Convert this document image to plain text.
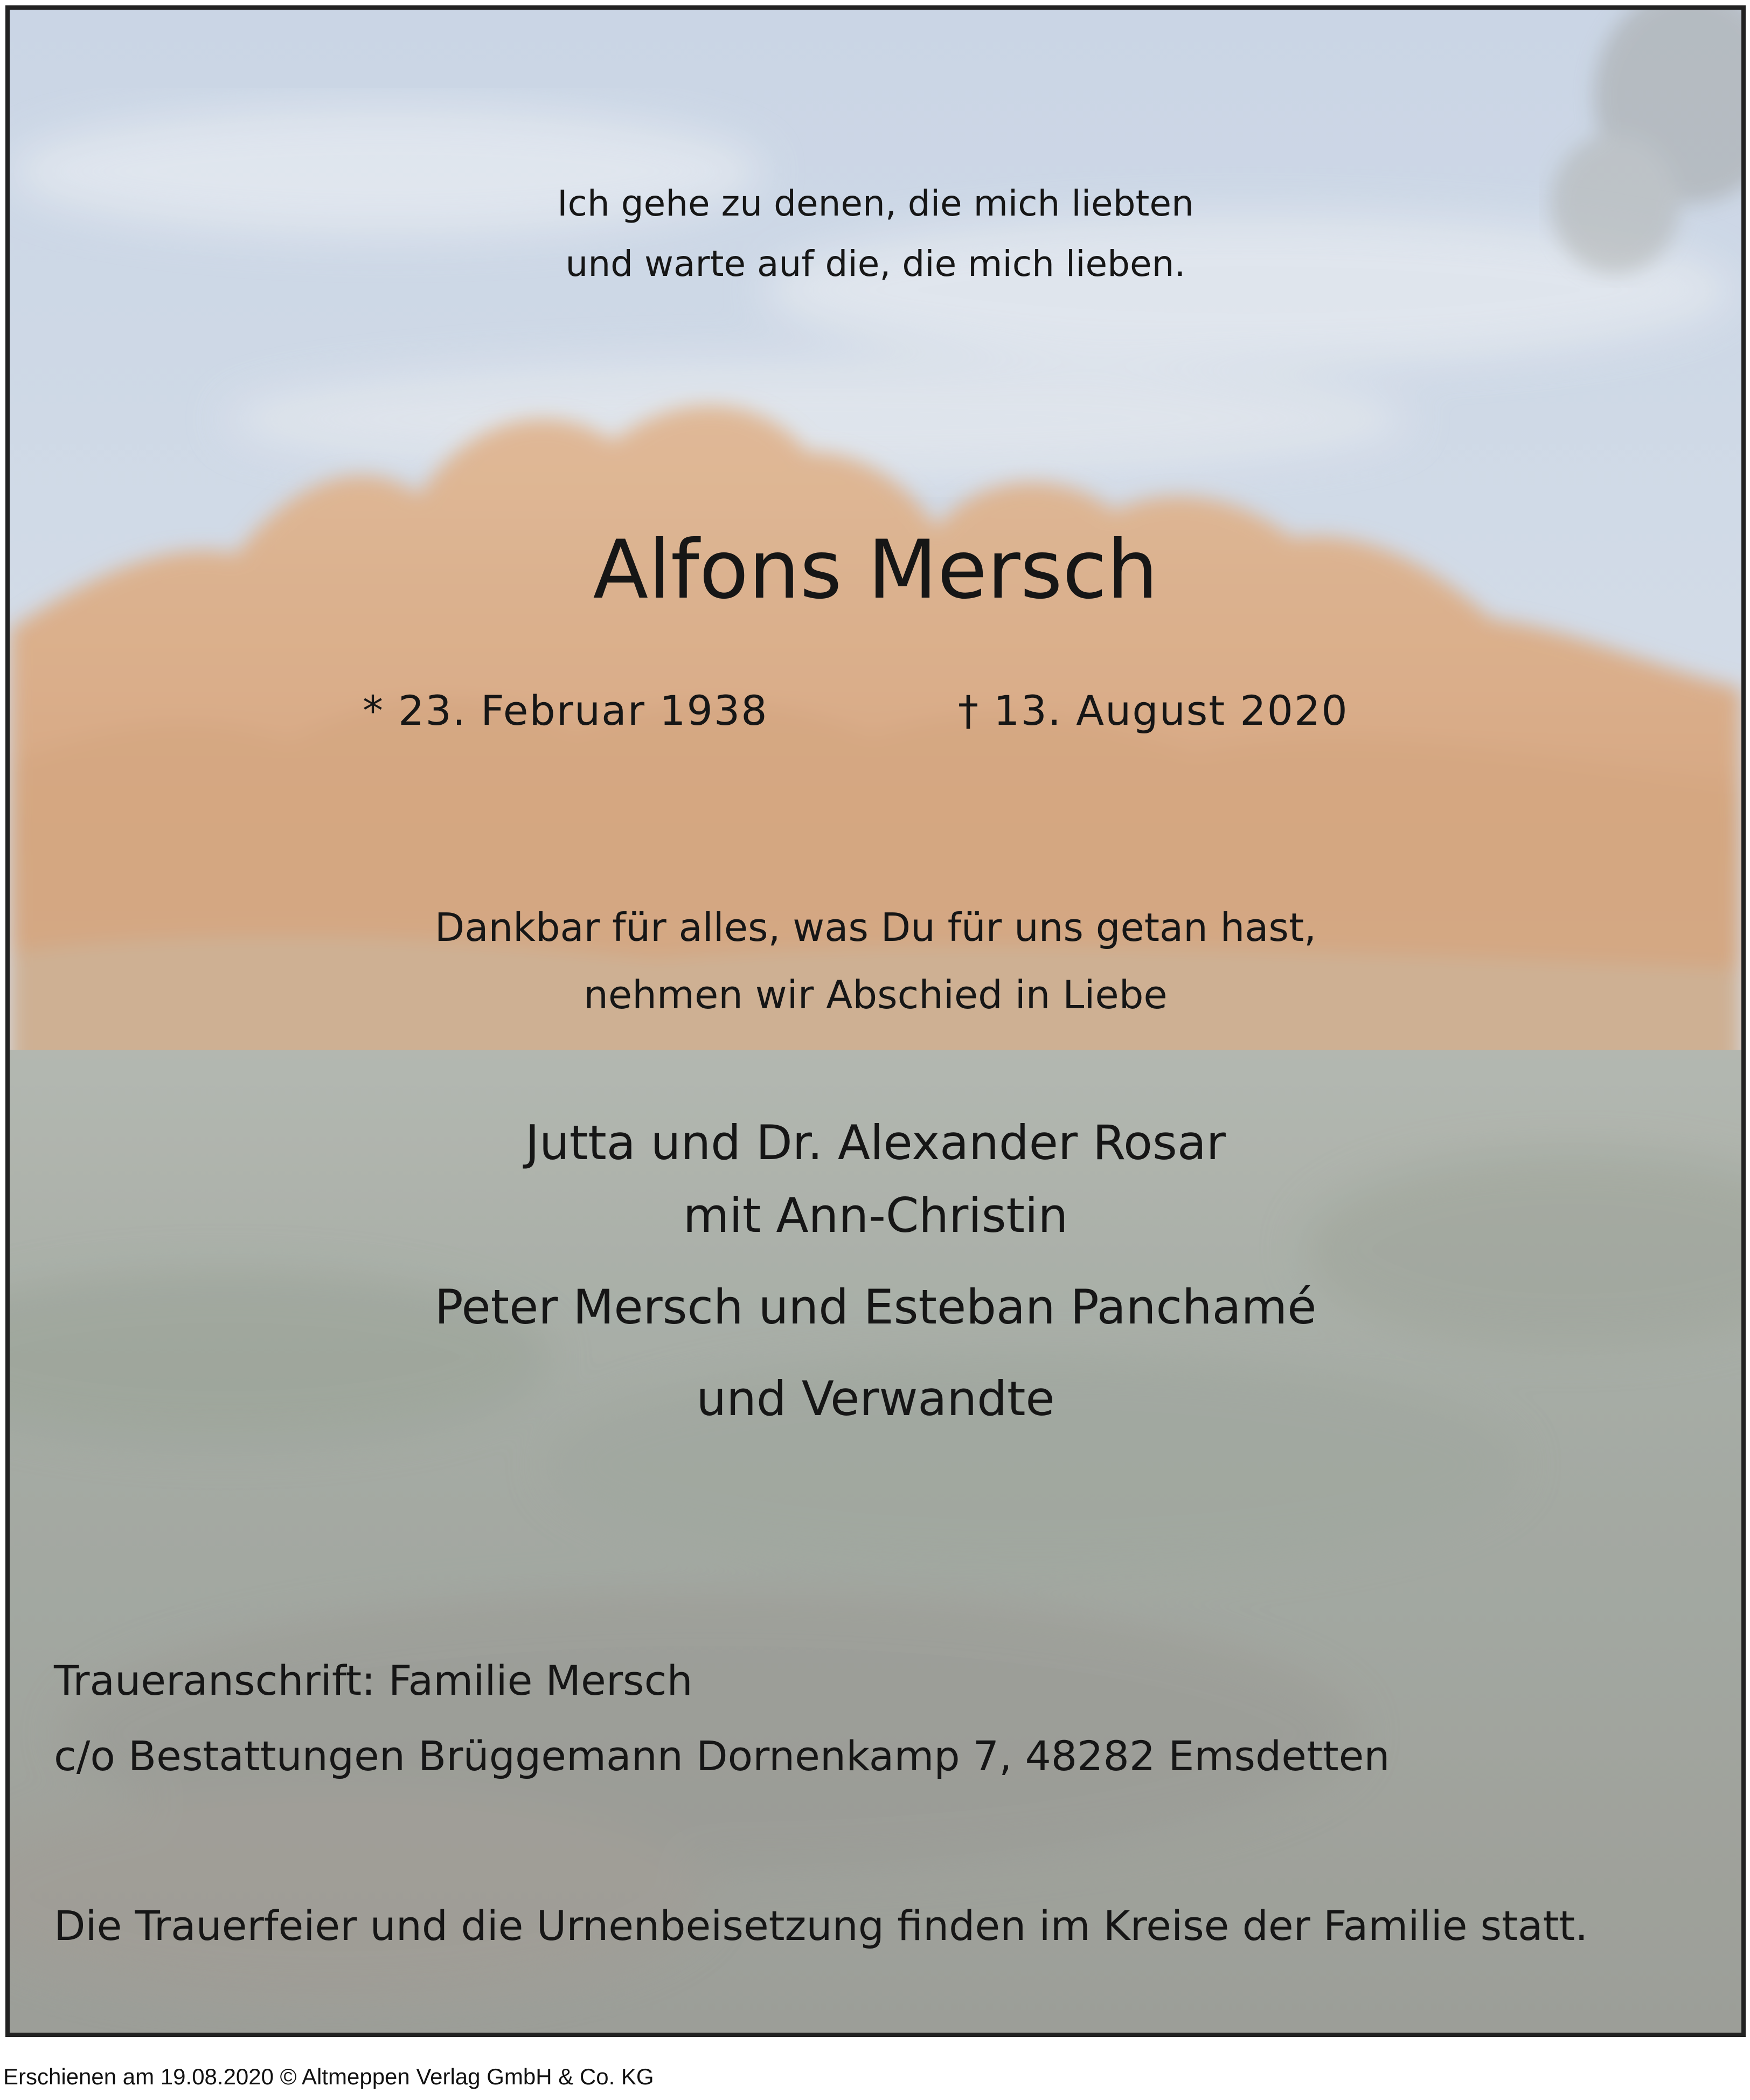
Ich gehe zu denen, die mich liebten

und warte auf die, die mich lieben.

Alfons Mersch

* 23. Februar 1938	† 13. August 2020

Dankbar für alles, was Du für uns getan hast,

nehmen wir Abschied in Liebe

Jutta und Dr. Alexander Rosar

mit Ann-Christin

Peter Mersch und Esteban Panchamé

und Verwandte

Traueranschrift: Familie Mersch

c/o Bestattungen Brüggemann Dornenkamp 7, 48282 Emsdetten

Die Trauerfeier und die Urnenbeisetzung finden im Kreise der Familie statt.

Erschienen am 19.08.2020 © Altmeppen Verlag GmbH & Co. KG
